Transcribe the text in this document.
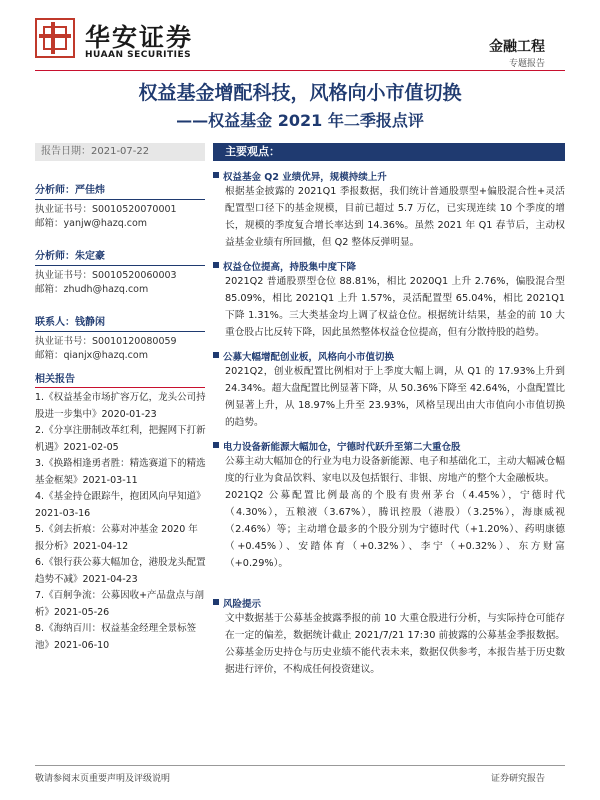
华安证券
HUAAN SECURITIES	金融工程
专题报告
权益基金增配科技，风格向小市值切换
——权益基金 2021 年二季报点评
报告日期：2021-07-22
分析师：严佳炜
执业证书号：S0010520070001
邮箱：yanjw@hazq.com
分析师：朱定豪
执业证书号：S0010520060003
邮箱：zhudh@hazq.com
联系人：钱静闲
执业证书号：S0010120080059
邮箱：qianjx@hazq.com
相关报告
1.《权益基金市场扩容万亿，龙头公司持股进一步集中》2020-01-23
2.《分享注册制改革红利，把握网下打新机遇》2021-02-05
3.《换路相逢勇者胜：精选赛道下的精选基金框架》2021-03-11
4.《基金持仓跟踪牛，抱团风向早知道》2021-03-16
5.《剑去折痕：公募对冲基金 2020 年报分析》2021-04-12
6.《银行获公募大幅加仓，港股龙头配置趋势不减》2021-04-23
7.《百舸争流：公募因收+产品盘点与剖析》2021-05-26
8.《海纳百川：权益基金经理全景标签池》2021-06-10
主要观点：
权益基金 Q2 业绩优异，规模持续上升
根据基金披露的 2021Q1 季报数据，我们统计普通股票型+偏股混合性+灵活配置型口径下的基金规模，目前已超过 5.7 万亿，已实现连续 10 个季度的增长，规模的季度复合增长率达到 14.36%。虽然 2021 年 Q1 春节后，主动权益基金业绩有所回撤，但 Q2 整体反弹明显。
权益仓位提高，持股集中度下降
2021Q2 普通股票型仓位 88.81%，相比 2020Q1 上升 2.76%，偏股混合型 85.09%，相比 2021Q1 上升 1.57%，灵活配置型 65.04%，相比 2021Q1 下降 1.31%。三大类基金均上调了权益仓位。根据统计结果，基金的前 10 大重仓股占比反转下降，因此虽然整体权益仓位提高，但有分散持股的趋势。
公募大幅增配创业板，风格向小市值切换
2021Q2，创业板配置比例相对于上季度大幅上调，从 Q1 的 17.93%上升到 24.34%。超大盘配置比例显著下降，从 50.36%下降至 42.64%，小盘配置比例显著上升，从 18.97%上升至 23.93%，风格呈现出由大市值向小市值切换的趋势。
电力设备新能源大幅加仓，宁德时代跃升至第二大重仓股
公募主动大幅加仓的行业为电力设备新能源、电子和基础化工，主动大幅减仓幅度的行业为食品饮料、家电以及包括银行、非银、房地产的整个大金融板块。
2021Q2 公募配置比例最高的个股有贵州茅台（4.45%），宁德时代（4.30%），五粮液（3.67%），腾讯控股（港股）（3.25%），海康威视（2.46%）等；主动增仓最多的个股分别为宁德时代（+1.20%）、药明康德（+0.45%）、安踏体育（+0.32%）、李宁（+0.32%）、东方财富（+0.29%）。
风险提示
文中数据基于公募基金披露季报的前 10 大重仓股进行分析，与实际持仓可能存在一定的偏差，数据统计截止 2021/7/21 17:30 前披露的公募基金季报数据。公募基金历史持仓与历史业绩不能代表未来，数据仅供参考，本报告基于历史数据进行评价，不构成任何投资建议。
敬请参阅末页重要声明及评级说明	证券研究报告
